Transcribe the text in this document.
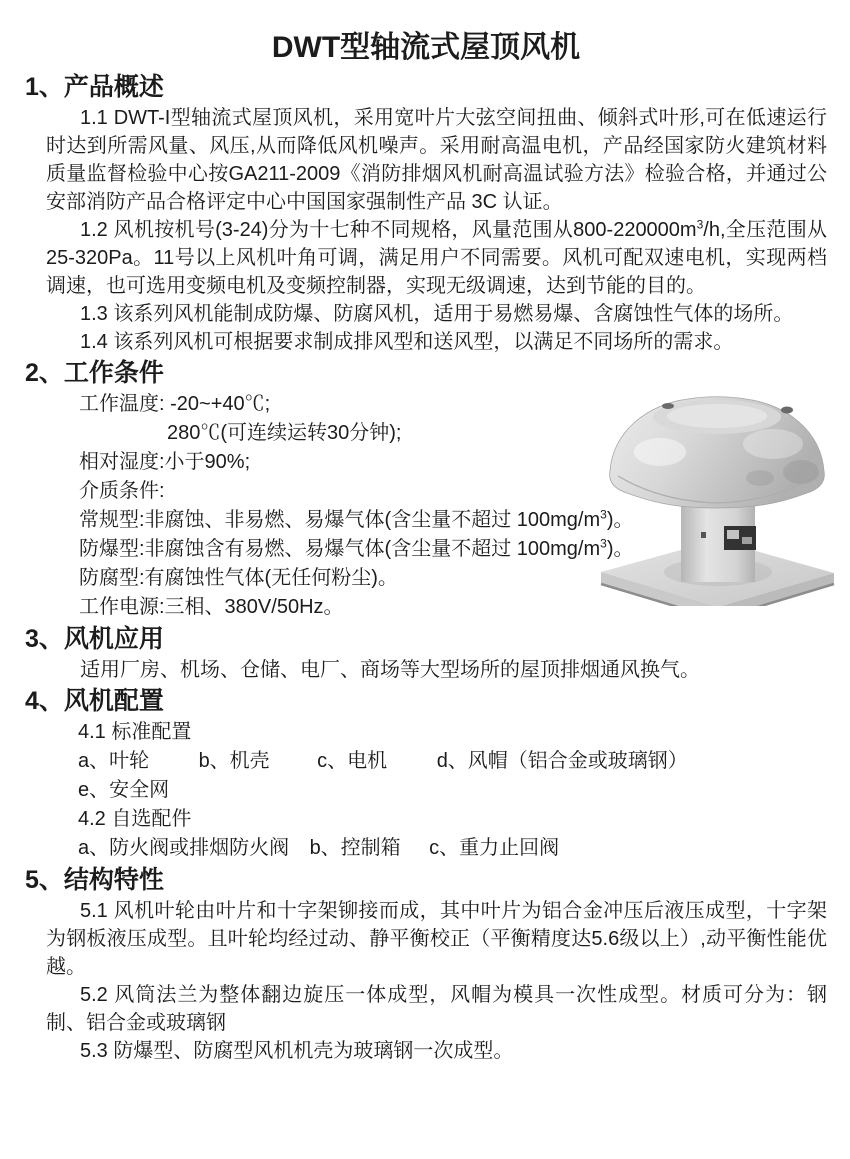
DWT型轴流式屋顶风机
1、产品概述

1.1 DWT-I型轴流式屋顶风机，采用宽叶片大弦空间扭曲、倾斜式叶形,可在低速运行时达到所需风量、风压,从而降低风机噪声。采用耐高温电机，产品经国家防火建筑材料质量监督检验中心按GA211-2009《消防排烟风机耐高温试验方法》检验合格，并通过公安部消防产品合格评定中心中国国家强制性产品 3C 认证。

1.2 风机按机号(3-24)分为十七种不同规格，风量范围从$800-220000m^3/h$,全压范围从25-320Pa。11号以上风机叶角可调，满足用户不同需要。风机可配双速电机，实现两档调速，也可选用变频电机及变频控制器，实现无级调速，达到节能的目的。

1.3 该系列风机能制成防爆、防腐风机，适用于易燃易爆、含腐蚀性气体的场所。

1.4 该系列风机可根据要求制成排风型和送风型，以满足不同场所的需求。

2、工作条件
工作温度: -20~+40℃;
280℃(可连续运转30分钟);
相对湿度:小于90%;
介质条件:
常规型:非腐蚀、非易燃、易爆气体(含尘量不超过 $100mg/m^3$)。
防爆型:非腐蚀含有易燃、易爆气体(含尘量不超过 $100mg/m^3$)。
防腐型:有腐蚀性气体(无任何粉尘)。
工作电源:三相、380V/50Hz。
3、风机应用

适用厂房、机场、仓储、电厂、商场等大型场所的屋顶排烟通风换气。

4、风机配置
4.1 标准配置
a、叶轮 b、机壳 c、电机 d、风帽（铝合金或玻璃钢）
e、安全网
4.2 自选配件
a、防火阀或排烟防火阀 b、控制箱 c、重力止回阀
5、结构特性

5.1 风机叶轮由叶片和十字架铆接而成，其中叶片为铝合金冲压后液压成型，十字架为钢板液压成型。且叶轮均经过动、静平衡校正（平衡精度达5.6级以上）,动平衡性能优越。

5.2 风筒法兰为整体翻边旋压一体成型，风帽为模具一次性成型。材质可分为：钢制、铝合金或玻璃钢

5.3 防爆型、防腐型风机机壳为玻璃钢一次成型。
